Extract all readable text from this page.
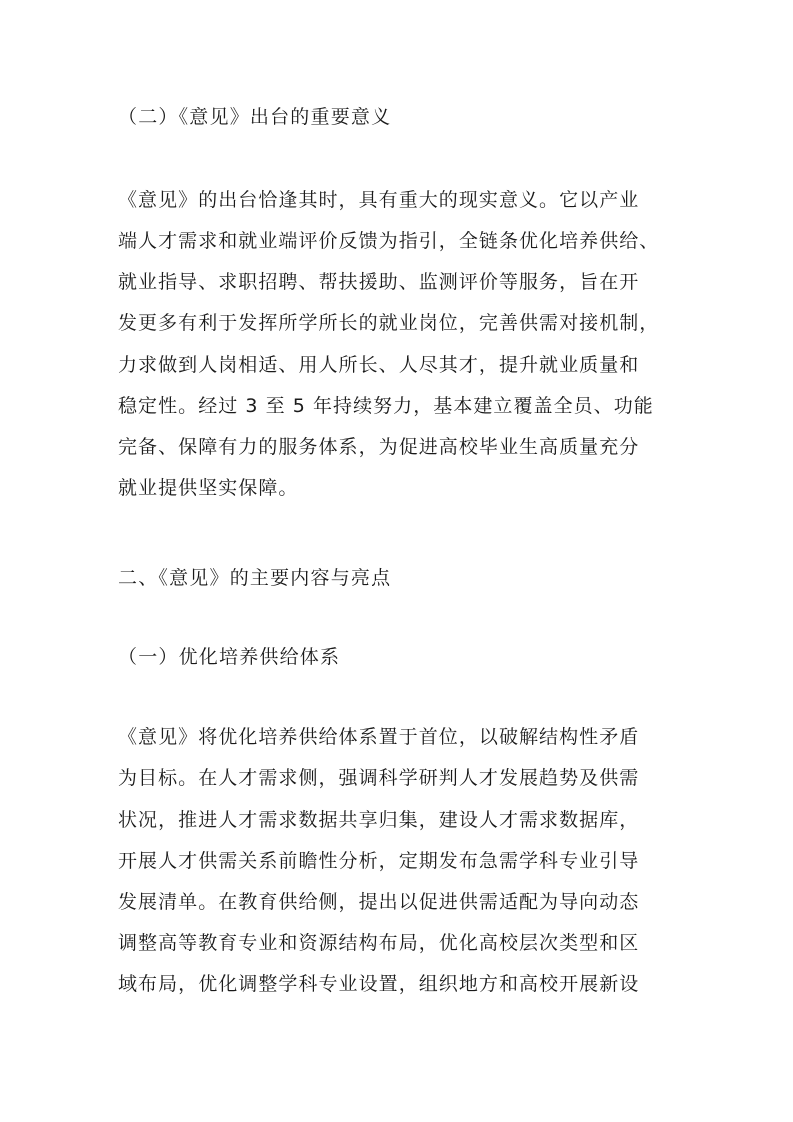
（二）《意见》出台的重要意义
《意见》的出台恰逢其时，具有重大的现实意义。它以产业
端人才需求和就业端评价反馈为指引，全链条优化培养供给、
就业指导、求职招聘、帮扶援助、监测评价等服务，旨在开
发更多有利于发挥所学所长的就业岗位，完善供需对接机制，
力求做到人岗相适、用人所长、人尽其才，提升就业质量和
稳定性。经过 3 至 5 年持续努力，基本建立覆盖全员、功能
完备、保障有力的服务体系，为促进高校毕业生高质量充分
就业提供坚实保障。
二、《意见》的主要内容与亮点
（一）优化培养供给体系
《意见》将优化培养供给体系置于首位，以破解结构性矛盾
为目标。在人才需求侧，强调科学研判人才发展趋势及供需
状况，推进人才需求数据共享归集，建设人才需求数据库，
开展人才供需关系前瞻性分析，定期发布急需学科专业引导
发展清单。在教育供给侧，提出以促进供需适配为导向动态
调整高等教育专业和资源结构布局，优化高校层次类型和区
域布局，优化调整学科专业设置，组织地方和高校开展新设
